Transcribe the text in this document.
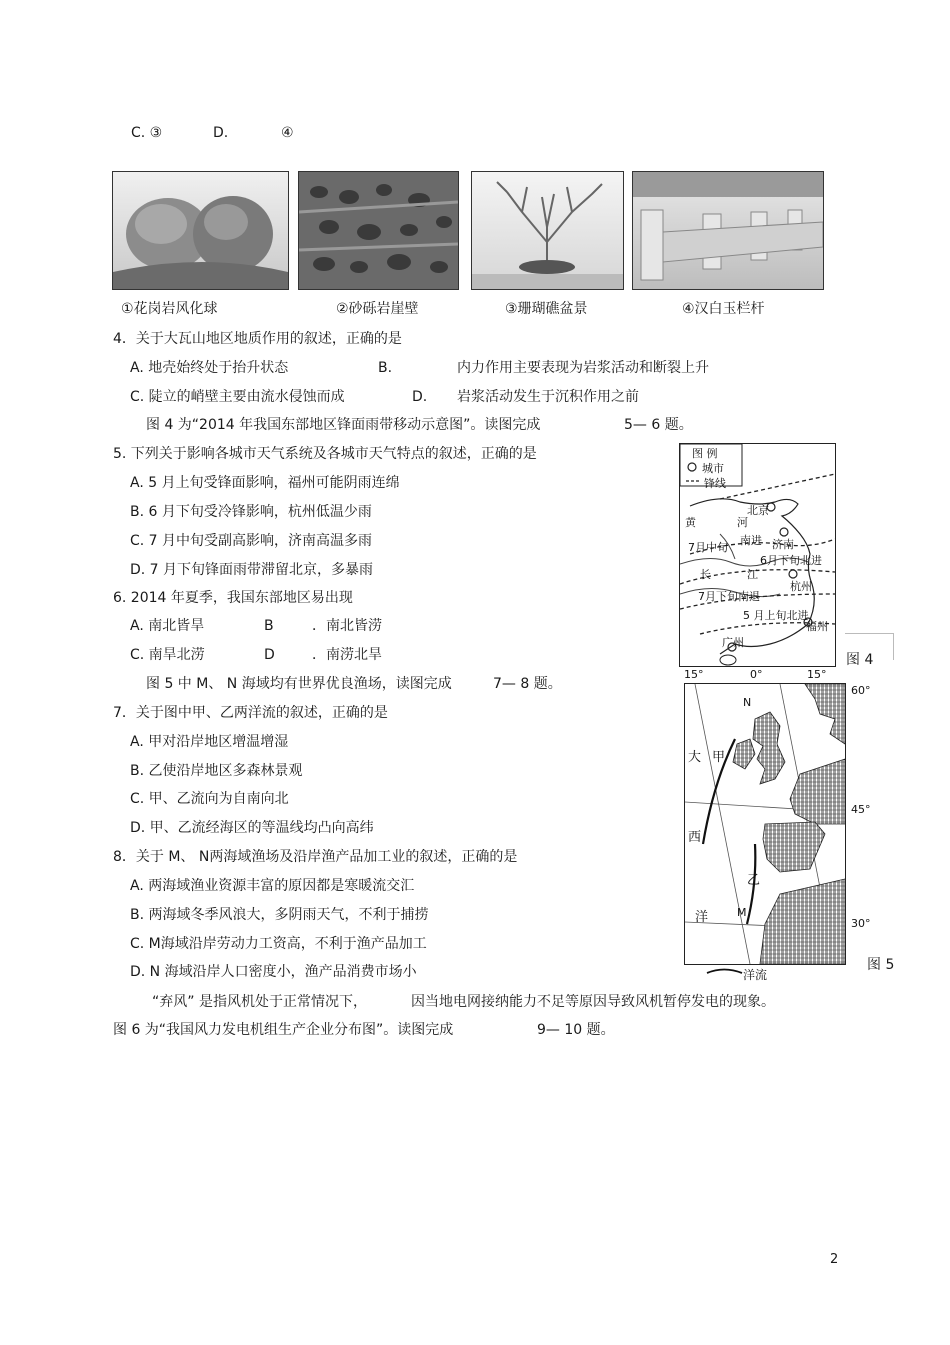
C. ③	D.	④
①花岗岩风化球	②砂砾岩崖壁	③珊瑚礁盆景	④汉白玉栏杆
4．关于大瓦山地区地质作用的叙述，正确的是
A. 地壳始终处于抬升状态	B.	内力作用主要表现为岩浆活动和断裂上升
C. 陡立的峭壁主要由流水侵蚀而成	D. 岩浆活动发生于沉积作用之前
图 4 为“2014 年我国东部地区锋面雨带移动示意图”。读图完成	5— 6 题。
5. 下列关于影响各城市天气系统及各城市天气特点的叙述，正确的是
A. 5 月上旬受锋面影响，福州可能阴雨连绵
B. 6 月下旬受冷锋影响，杭州低温少雨
C. 7 月中旬受副高影响，济南高温多雨
D. 7 月下旬锋面雨带滞留北京，多暴雨
6. 2014 年夏季，我国东部地区易出现
A. 南北皆旱	B	．南北皆涝
C. 南旱北涝	D	．南涝北旱
图 5 中 M、 N 海域均有世界优良渔场，读图完成	7— 8 题。
7．关于图中甲、乙两洋流的叙述，正确的是
A. 甲对沿岸地区增温增湿
B. 乙使沿岸地区多森林景观
C. 甲、乙流向为自南向北
D. 甲、乙流经海区的等温线均凸向高纬
8．关于 M、 N两海域渔场及沿岸渔产品加工业的叙述，正确的是
A. 两海域渔业资源丰富的原因都是寒暖流交汇
B. 两海域冬季风浪大，多阴雨天气，不利于捕捞
C. M海域沿岸劳动力工资高，不利于渔产品加工
D. N 海域沿岸人口密度小，渔产品消费市场小
“弃风” 是指风机处于正常情况下，	因当地电网接纳能力不足等原因导致风机暂停发电的现象。
图 6 为“我国风力发电机组生产企业分布图”。读图完成	9— 10 题。
图 例
城市
锋线
北京
济南
杭州
福州
广州
黄	河
7月中旬
南进
长	江
6月下旬北进
7月下旬南退
5 月上旬北进
15°	0°	15°
图 4
N
大 甲
西
乙
洋	M
60°
45°
30°
洋流
图 5
2
